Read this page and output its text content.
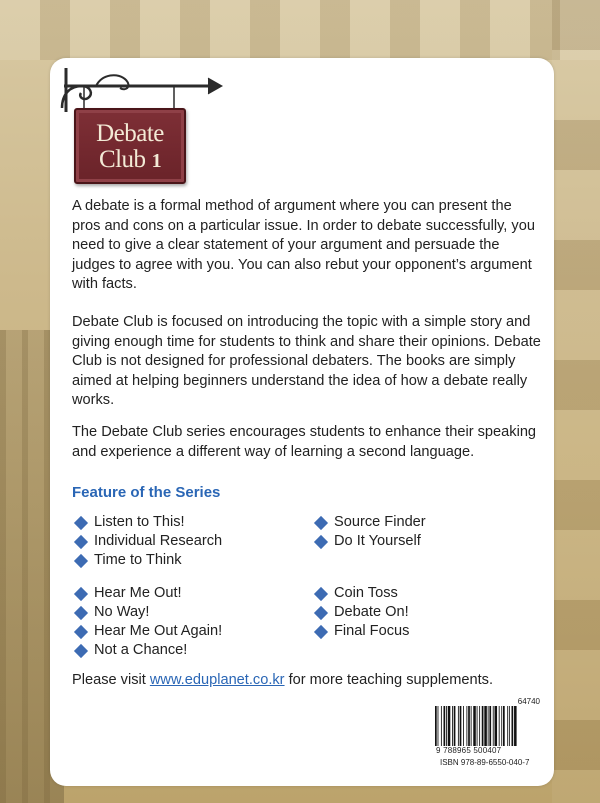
Debate
Club 1

A debate is a formal method of argument where you can present the pros and cons on a particular issue. In order to debate successfully, you need to give a clear statement of your argument and persuade the judges to agree with you. You can also rebut your opponent’s argument with facts.

Debate Club is focused on introducing the topic with a simple story and giving enough time for students to think and share their opinions. Debate Club is not designed for professional debaters. The books are simply aimed at helping beginners understand the idea of how a debate really works.

The Debate Club series encourages students to enhance their speaking and experience a different way of learning a second language.

Feature of the Series
Listen to This!
Individual Research
Time to Think
Source Finder
Do It Yourself
Hear Me Out!
No Way!
Hear Me Out Again!
Not a Chance!
Coin Toss
Debate On!
Final Focus
Please visit www.eduplanet.co.kr for more teaching supplements.
64740
9 788965 500407
ISBN 978-89-6550-040-7
